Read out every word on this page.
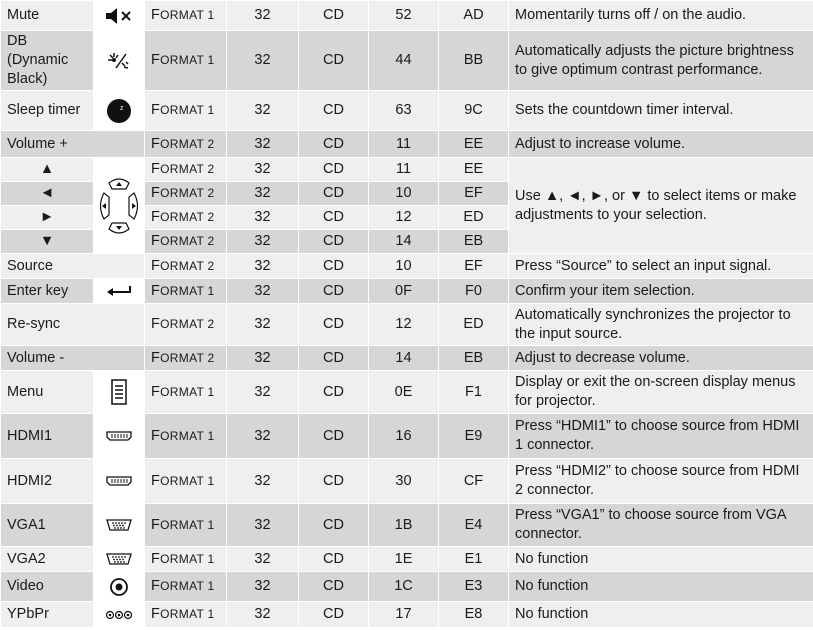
Mute		FORMAT 1	32	CD	52	AD	Momentarily turns off / on the audio.
DB (Dynamic Black)		FORMAT 1	32	CD	44	BB	Automatically adjusts the picture brightness to give optimum contrast performance.
Sleep timer	z	FORMAT 1	32	CD	63	9C	Sets the countdown timer interval.
Volume +		FORMAT 2	32	CD	11	EE	Adjust to increase volume.
▲		FORMAT 2	32	CD	11	EE	Use ▲, ◄, ►, or ▼ to select items or make adjustments to your selection.
◄		FORMAT 2	32	CD	10	EF	
►		FORMAT 2	32	CD	12	ED	
▼		FORMAT 2	32	CD	14	EB	
Source		FORMAT 2	32	CD	10	EF	Press “Source” to select an input signal.
Enter key		FORMAT 1	32	CD	0F	F0	Confirm your item selection.
Re-sync		FORMAT 2	32	CD	12	ED	Automatically synchronizes the projector to the input source.
Volume -		FORMAT 2	32	CD	14	EB	Adjust to decrease volume.
Menu		FORMAT 1	32	CD	0E	F1	Display or exit the on-screen display menus for projector.
HDMI1		FORMAT 1	32	CD	16	E9	Press “HDMI1” to choose source from HDMI 1 connector.
HDMI2		FORMAT 1	32	CD	30	CF	Press “HDMI2” to choose source from HDMI 2 connector.
VGA1		FORMAT 1	32	CD	1B	E4	Press “VGA1” to choose source from VGA connector.
VGA2		FORMAT 1	32	CD	1E	E1	No function
Video		FORMAT 1	32	CD	1C	E3	No function
YPbPr		FORMAT 1	32	CD	17	E8	No function
